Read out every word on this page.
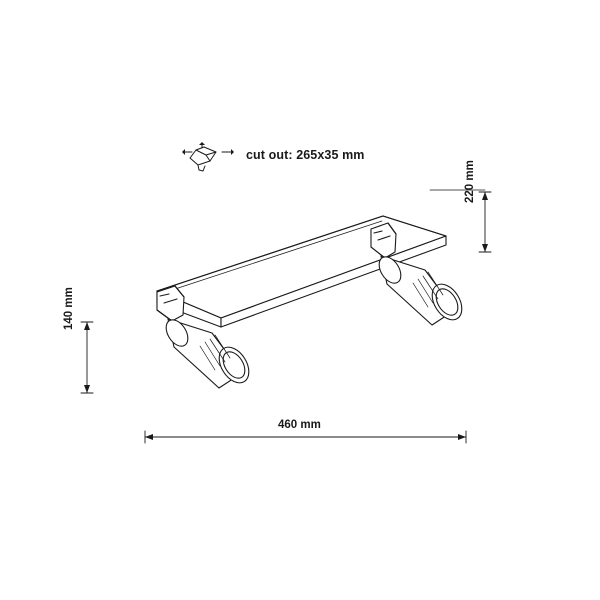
cut out: 265x35 mm
460 mm
140 mm
220 mm
